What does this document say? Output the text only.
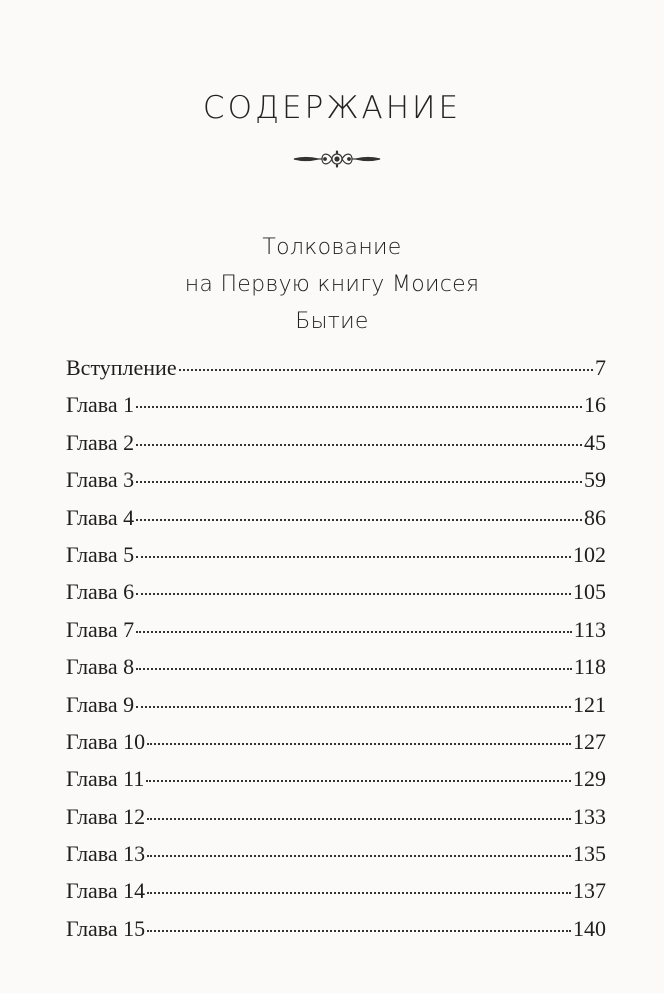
СОДЕРЖАНИЕ
Толкование
на Первую книгу Моисея
Бытие
Вступление	7
Глава 1	16
Глава 2	45
Глава 3	59
Глава 4	86
Глава 5	102
Глава 6	105
Глава 7	113
Глава 8	118
Глава 9	121
Глава 10	127
Глава 11	129
Глава 12	133
Глава 13	135
Глава 14	137
Глава 15	140
